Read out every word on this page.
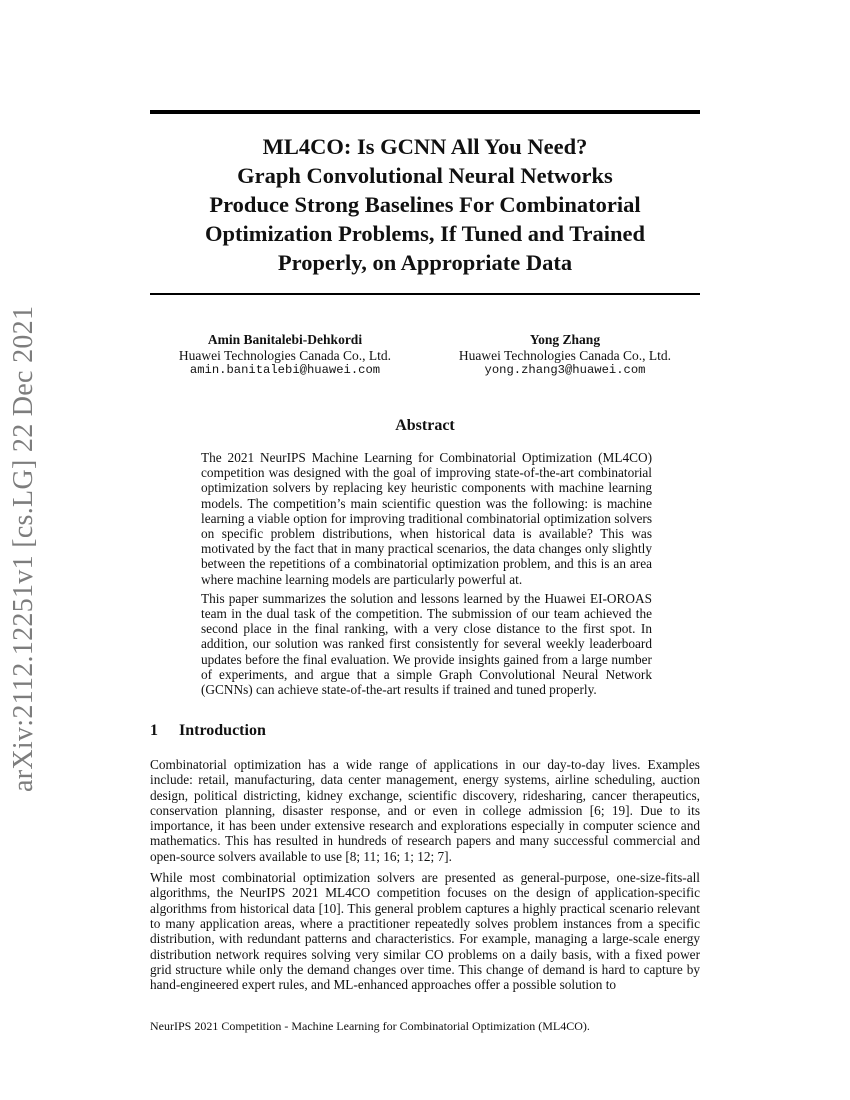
arXiv:2112.12251v1 [cs.LG] 22 Dec 2021
ML4CO: Is GCNN All You Need?
Graph Convolutional Neural Networks
Produce Strong Baselines For Combinatorial
Optimization Problems, If Tuned and Trained
Properly, on Appropriate Data
Amin Banitalebi-Dehkordi
Huawei Technologies Canada Co., Ltd.
amin.banitalebi@huawei.com
Yong Zhang
Huawei Technologies Canada Co., Ltd.
yong.zhang3@huawei.com
Abstract

The 2021 NeurIPS Machine Learning for Combinatorial Optimization (ML4CO) competition was designed with the goal of improving state-of-the-art combinatorial optimization solvers by replacing key heuristic components with machine learning models. The competition’s main scientific question was the following: is machine learning a viable option for improving traditional combinatorial optimization solvers on specific problem distributions, when historical data is available? This was motivated by the fact that in many practical scenarios, the data changes only slightly between the repetitions of a combinatorial optimization problem, and this is an area where machine learning models are particularly powerful at.

This paper summarizes the solution and lessons learned by the Huawei EI-OROAS team in the dual task of the competition. The submission of our team achieved the second place in the final ranking, with a very close distance to the first spot. In addition, our solution was ranked first consistently for several weekly leaderboard updates before the final evaluation. We provide insights gained from a large number of experiments, and argue that a simple Graph Convolutional Neural Network (GCNNs) can achieve state-of-the-art results if trained and tuned properly.

1 Introduction

Combinatorial optimization has a wide range of applications in our day-to-day lives. Examples include: retail, manufacturing, data center management, energy systems, airline scheduling, auction design, political districting, kidney exchange, scientific discovery, ridesharing, cancer therapeutics, conservation planning, disaster response, and or even in college admission [6; 19]. Due to its importance, it has been under extensive research and explorations especially in computer science and mathematics. This has resulted in hundreds of research papers and many successful commercial and open-source solvers available to use [8; 11; 16; 1; 12; 7].

While most combinatorial optimization solvers are presented as general-purpose, one-size-fits-all algorithms, the NeurIPS 2021 ML4CO competition focuses on the design of application-specific algorithms from historical data [10]. This general problem captures a highly practical scenario relevant to many application areas, where a practitioner repeatedly solves problem instances from a specific distribution, with redundant patterns and characteristics. For example, managing a large-scale energy distribution network requires solving very similar CO problems on a daily basis, with a fixed power grid structure while only the demand changes over time. This change of demand is hard to capture by hand-engineered expert rules, and ML-enhanced approaches offer a possible solution to

NeurIPS 2021 Competition - Machine Learning for Combinatorial Optimization (ML4CO).
